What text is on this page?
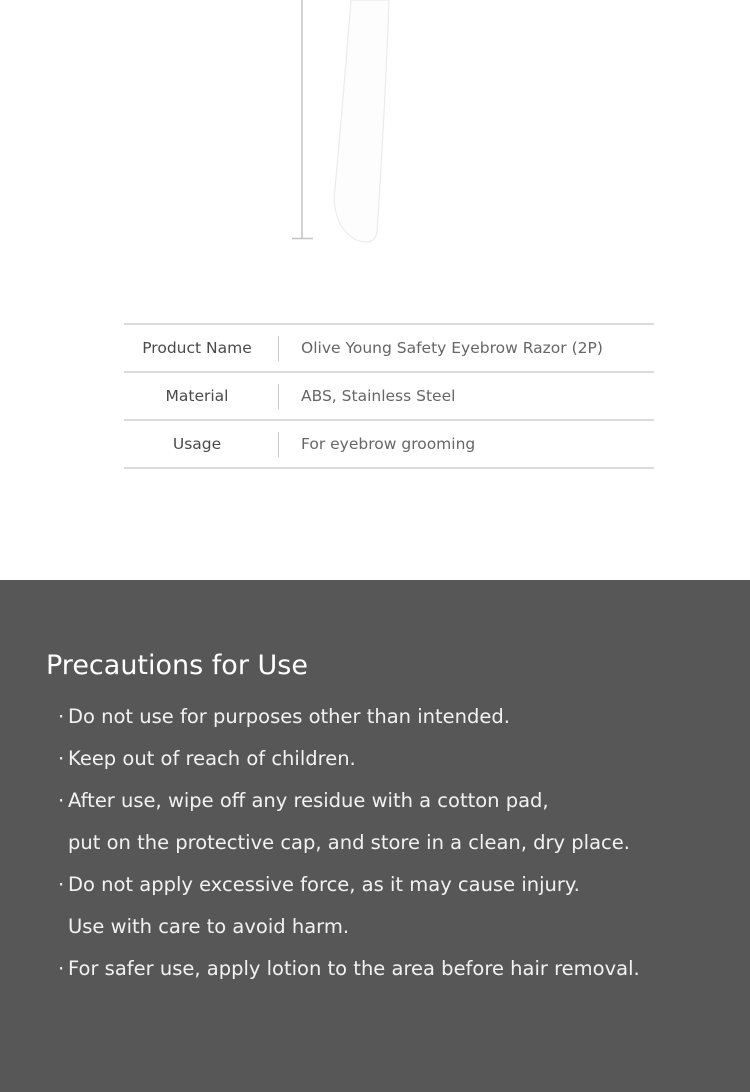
Product Name	Olive Young Safety Eyebrow Razor (2P)
Material	ABS, Stainless Steel
Usage	For eyebrow grooming
Precautions for Use
· Do not use for purposes other than intended.
· Keep out of reach of children.
· After use, wipe off any residue with a cotton pad,
put on the protective cap, and store in a clean, dry place.
· Do not apply excessive force, as it may cause injury.
Use with care to avoid harm.
· For safer use, apply lotion to the area before hair removal.
